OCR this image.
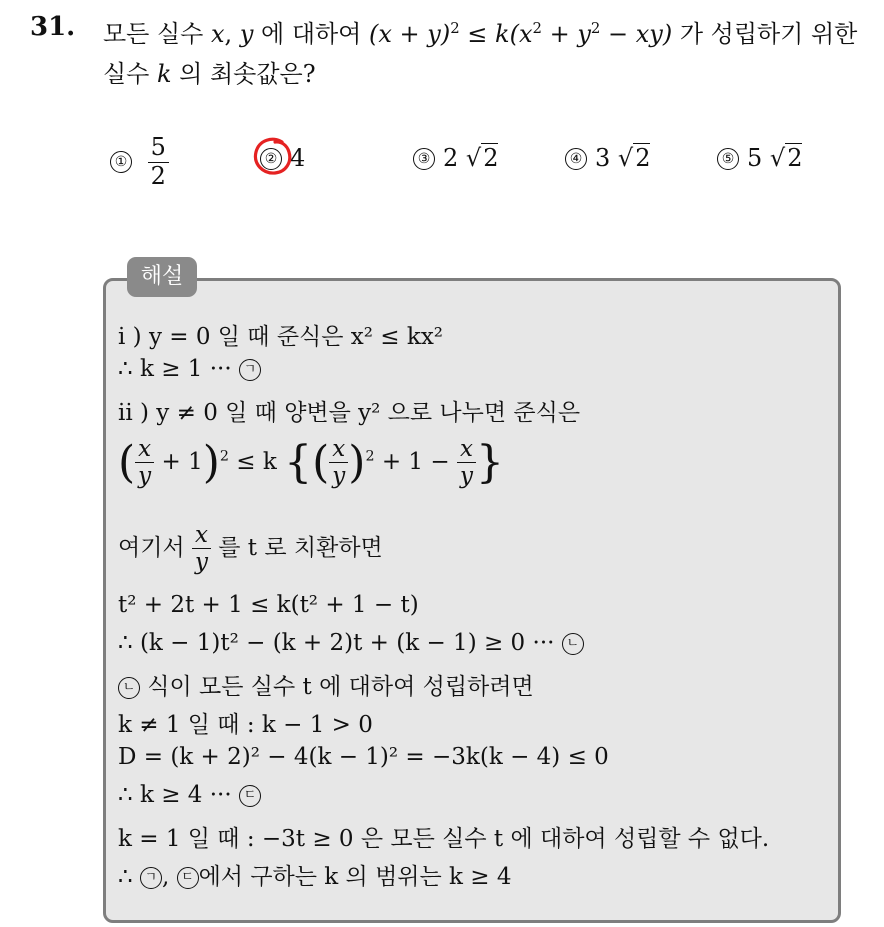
31. 모든 실수 x, y 에 대하여 $(x + y)^2 \le k(x^2 + y^2 - xy)$ 가 성립하기 위한
실수 k 의 최솟값은?
① $\frac{5}{2}$	② 4	③ 2 √2	④ 3 √2	⑤ 5 √2
해설
i ) y = 0 일 때 준식은 x² ≤ kx²
∴ k ≥ 1 ··· ㄱ
ii ) y ≠ 0 일 때 양변을 y² 으로 나누면 준식은
( $\frac{x}{y} + 1)^2 \le k$ {( $\frac{x}{y} )^2 + 1 - \frac{x}{y}$ }
여기서 $\frac{x}{y}$ 를 t 로 치환하면
t² + 2t + 1 ≤ k(t² + 1 − t)
∴ (k − 1)t² − (k + 2)t + (k − 1) ≥ 0 ··· ㄴ
ㄴ 식이 모든 실수 t 에 대하여 성립하려면
k ≠ 1 일 때 : k − 1 > 0
D = (k + 2)² − 4(k − 1)² = −3k(k − 4) ≤ 0
∴ k ≥ 4 ··· ㄷ
k = 1 일 때 : −3t ≥ 0 은 모든 실수 t 에 대하여 성립할 수 없다.
∴ ㄱ , ㄷ 에서 구하는 k 의 범위는 k ≥ 4
